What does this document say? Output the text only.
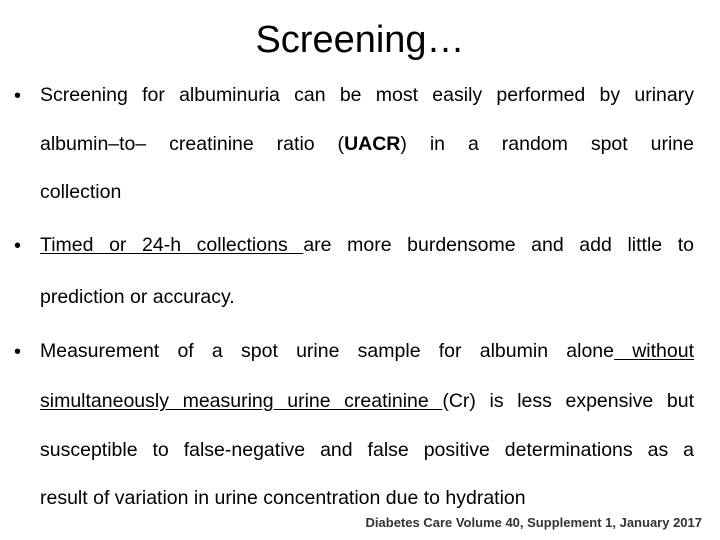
Screening…
• Screening for albuminuria can be most easily performed by urinary
albumin–to– creatinine ratio (UACR) in a random spot urine
collection
• Timed or 24-h collections are more burdensome and add little to
prediction or accuracy.
• Measurement of a spot urine sample for albumin alone without
simultaneously measuring urine creatinine (Cr) is less expensive but
susceptible to false-negative and false positive determinations as a
result of variation in urine concentration due to hydration
Diabetes Care Volume 40, Supplement 1, January 2017
